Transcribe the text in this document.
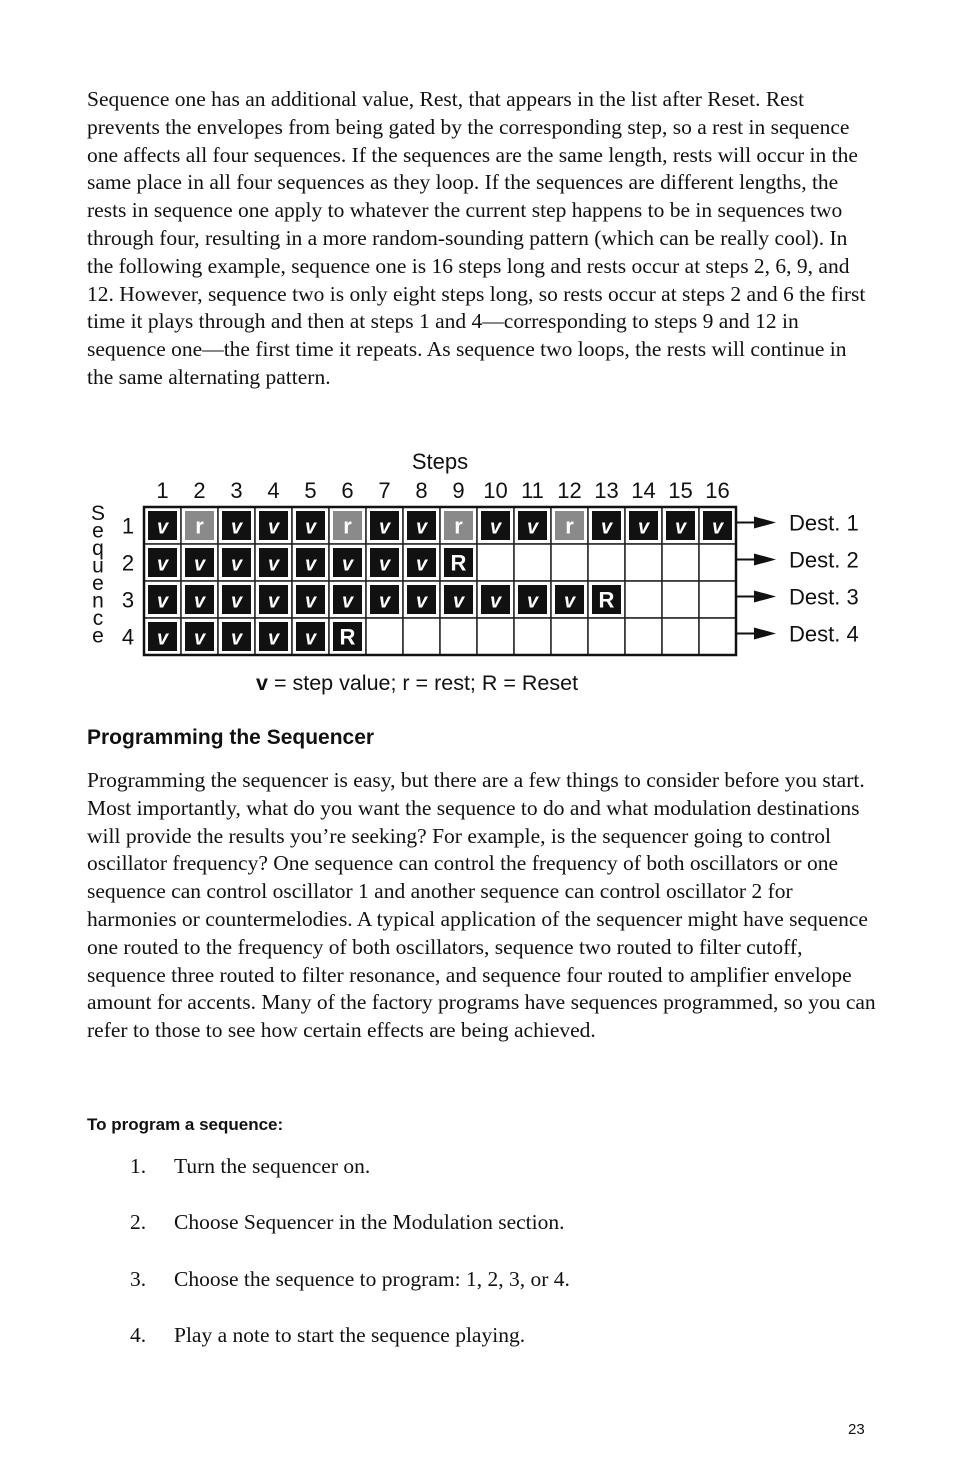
Sequence one has an additional value, Rest, that appears in the list after Reset. Rest prevents the envelopes from being gated by the corresponding step, so a rest in sequence one affects all four sequences. If the sequences are the same length, rests will occur in the same place in all four sequences as they loop. If the sequences are different lengths, the rests in sequence one apply to whatever the current step happens to be in sequences two through four, resulting in a more random-sounding pattern (which can be really cool). In the following example, sequence one is 16 steps long and rests occur at steps 2, 6, 9, and 12. However, sequence two is only eight steps long, so rests occur at steps 2 and 6 the first time it plays through and then at steps 1 and 4—corresponding to steps 9 and 12 in sequence one—the first time it repeats. As sequence two loops, the rests will continue in the same alternating pattern.

Steps
1 2 3 4 5 6 7 8 9 10 11 12 13 14 15 16
S
e
q
u
e
n
c
e
1 v r v v v r v v r v v r v v v v	Dest. 1
2 v v v v v v v v R	Dest. 2
3 v v v v v v v v v v v v R	Dest. 3
4 v v v v v R	Dest. 4
v = step value; r = rest; R = Reset
Programming the Sequencer

Programming the sequencer is easy, but there are a few things to consider before you start. Most importantly, what do you want the sequence to do and what modulation destinations will provide the results you’re seeking? For example, is the sequencer going to control oscillator frequency? One sequence can control the frequency of both oscillators or one sequence can control oscillator 1 and another sequence can control oscillator 2 for harmonies or countermelodies. A typical application of the sequencer might have sequence one routed to the frequency of both oscillators, sequence two routed to filter cutoff, sequence three routed to filter resonance, and sequence four routed to amplifier envelope amount for accents. Many of the factory programs have sequences programmed, so you can refer to those to see how certain effects are being achieved.

To program a sequence:
1. Turn the sequencer on.
2. Choose Sequencer in the Modulation section.
3. Choose the sequence to program: 1, 2, 3, or 4.
4. Play a note to start the sequence playing.
23
